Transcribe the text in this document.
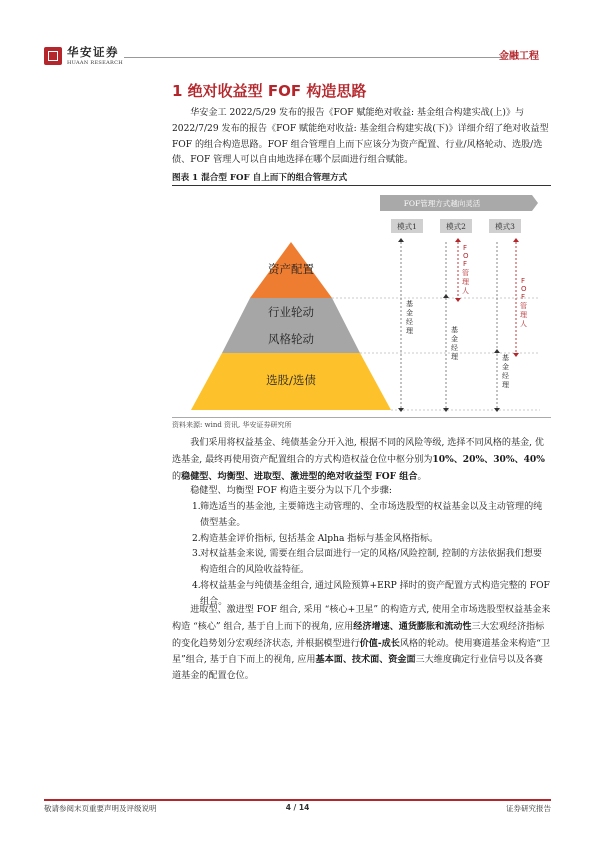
华安证券
HUAAN RESEARCH
金融工程
1 绝对收益型 FOF 构造思路

华安金工 2022/5/29 发布的报告《FOF 赋能绝对收益: 基金组合构建实战(上)》与 2022/7/29 发布的报告《FOF 赋能绝对收益: 基金组合构建实战(下)》详细介绍了绝对收益型 FOF 的组合构造思路。FOF 组合管理自上而下应该分为资产配置、行业/风格轮动、选股/选债、FOF 管理人可以自由地选择在哪个层面进行组合赋能。

图表 1 混合型 FOF 自上而下的组合管理方式
FOF管理方式越向灵活
模式1	模式2	模式3
资产配置
行业轮动
风格轮动
选股/选债
基金经理	基金经理	基金经理
F O F 管理人
F O F 管理人
资料来源: wind 资讯, 华安证券研究所

我们采用将权益基金、纯债基金分开入池, 根据不同的风险等级, 选择不同风格的基金, 优选基金, 最终再使用资产配置组合的方式构造权益仓位中枢分别为10%、20%、30%、40%的稳健型、均衡型、进取型、激进型的绝对收益型 FOF 组合。

稳健型、均衡型 FOF 构造主要分为以下几个步骤:

1. 筛选适当的基金池, 主要筛选主动管理的、全市场选股型的权益基金以及主动管理的纯债型基金。
2. 构造基金评价指标, 包括基金 Alpha 指标与基金风格指标。
3. 对权益基金来说, 需要在组合层面进行一定的风格/风险控制, 控制的方法依据我们想要构造组合的风险收益特征。
4. 将权益基金与纯债基金组合, 通过风险预算+ERP 择时的资产配置方式构造完整的 FOF 组合。

进取型、激进型 FOF 组合, 采用 “核心+卫星” 的构造方式, 使用全市场选股型权益基金来构造 “核心” 组合, 基于自上而下的视角, 应用经济增速、通货膨胀和流动性三大宏观经济指标的变化趋势划分宏观经济状态, 并根据模型进行价值-成长风格的轮动。使用赛道基金来构造“卫星”组合, 基于自下而上的视角, 应用基本面、技术面、资金面三大维度确定行业信号以及各赛道基金的配置仓位。

敬请参阅末页重要声明及评级说明	4 / 14	证券研究报告
